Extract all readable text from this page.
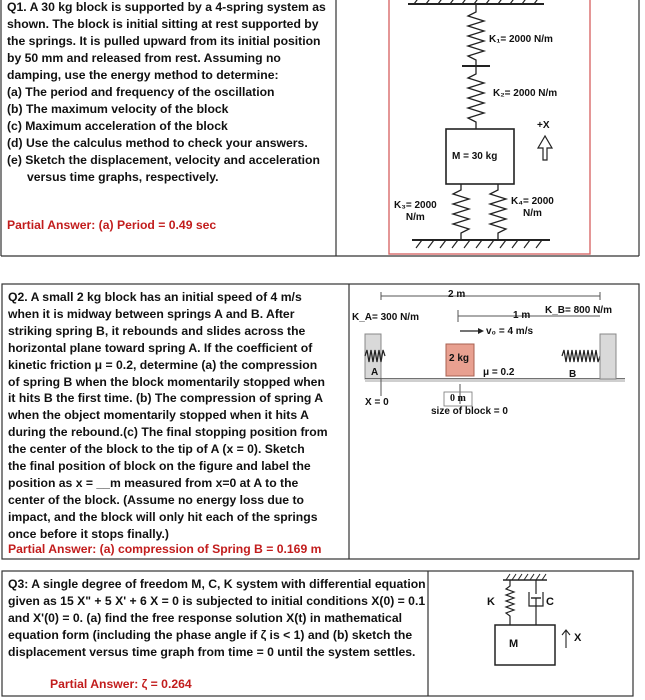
Q1. A 30 kg block is supported by a 4-spring system as
shown. The block is initial sitting at rest supported by
the springs. It is pulled upward from its initial position
by 50 mm and released from rest. Assuming no
damping, use the energy method to determine:
(a) The period and frequency of the oscillation
(b) The maximum velocity of the block
(c) Maximum acceleration of the block
(d) Use the calculus method to check your answers.
(e) Sketch the displacement, velocity and acceleration
versus time graphs, respectively.
Partial Answer: (a) Period = 0.49 sec
K₁= 2000 N/m
K₂= 2000 N/m
+X
M = 30 kg
K₃= 2000
N/m
K₄= 2000
N/m
Q2. A small 2 kg block has an initial speed of 4 m/s
when it is midway between springs A and B. After
striking spring B, it rebounds and slides across the
horizontal plane toward spring A. If the coefficient of
kinetic friction μ = 0.2, determine (a) the compression
of spring B when the block momentarily stopped when
it hits B the first time. (b) The compression of spring A
when the object momentarily stopped when it hits A
during the rebound.(c) The final stopping position from
the center of the block to the tip of A (x = 0). Sketch
the final position of block on the figure and label the
position as x = __m measured from x=0 at A to the
center of the block. (Assume no energy loss due to
impact, and the block will only hit each of the springs
once before it stops finally.)
Partial Answer: (a) compression of Spring B = 0.169 m
2 m
K_A= 300 N/m
K_B= 800 N/m
1 m
v₀ = 4 m/s
2 kg
A	μ = 0.2	B
0 m
X = 0
size of block = 0
Q3: A single degree of freedom M, C, K system with differential equation
given as 15 X" + 5 X' + 6 X = 0 is subjected to initial conditions X(0) = 0.1
and X'(0) = 0. (a) find the free response solution X(t) in mathematical
equation form (including the phase angle if ζ is < 1) and (b) sketch the
displacement versus time graph from time = 0 until the system settles.
Partial Answer: ζ = 0.264
K	C
M	X
